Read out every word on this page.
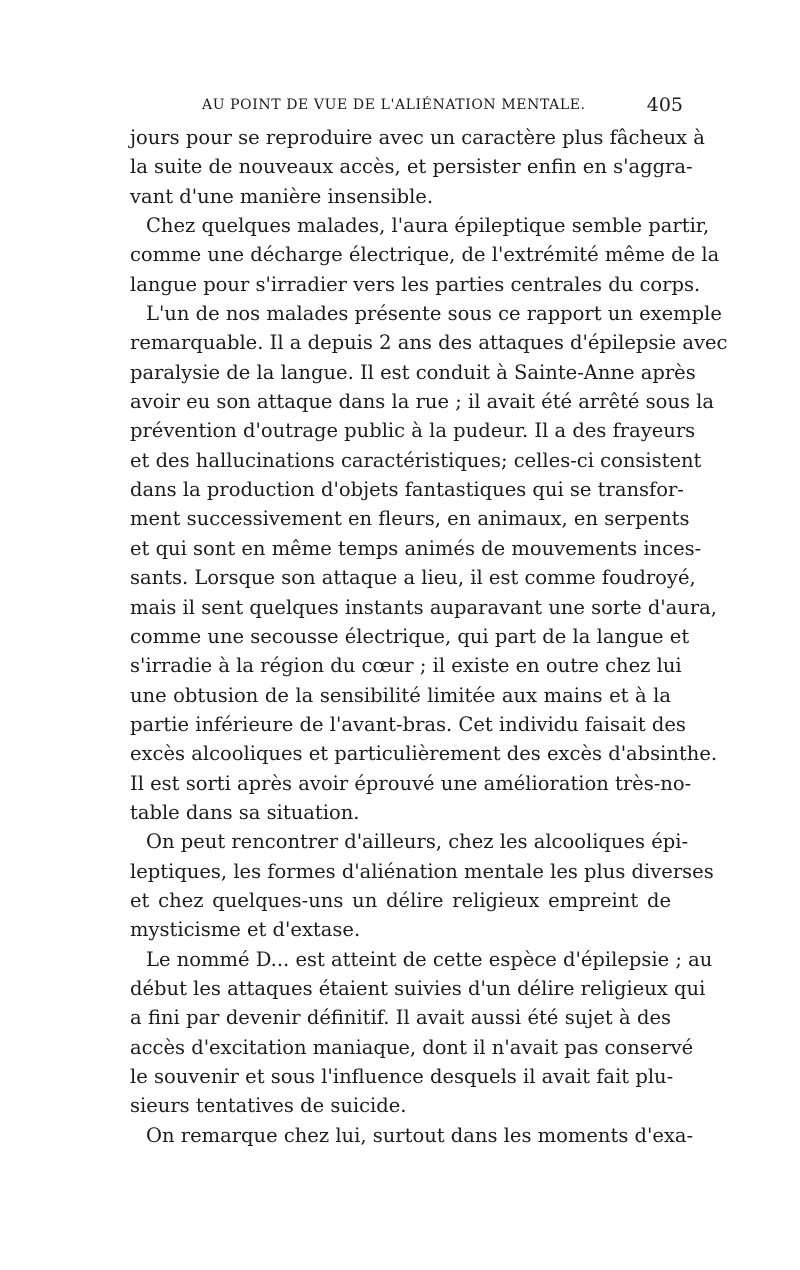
AU POINT DE VUE DE L'ALIÉNATION MENTALE.	405
jours pour se reproduire avec un caractère plus fâcheux à
la suite de nouveaux accès, et persister enfin en s'aggra-
vant d'une manière insensible.
Chez quelques malades, l'aura épileptique semble partir,
comme une décharge électrique, de l'extrémité même de la
langue pour s'irradier vers les parties centrales du corps.
L'un de nos malades présente sous ce rapport un exemple
remarquable. Il a depuis 2 ans des attaques d'épilepsie avec
paralysie de la langue. Il est conduit à Sainte-Anne après
avoir eu son attaque dans la rue ; il avait été arrêté sous la
prévention d'outrage public à la pudeur. Il a des frayeurs
et des hallucinations caractéristiques; celles-ci consistent
dans la production d'objets fantastiques qui se transfor-
ment successivement en fleurs, en animaux, en serpents
et qui sont en même temps animés de mouvements inces-
sants. Lorsque son attaque a lieu, il est comme foudroyé,
mais il sent quelques instants auparavant une sorte d'aura,
comme une secousse électrique, qui part de la langue et
s'irradie à la région du cœur ; il existe en outre chez lui
une obtusion de la sensibilité limitée aux mains et à la
partie inférieure de l'avant-bras. Cet individu faisait des
excès alcooliques et particulièrement des excès d'absinthe.
Il est sorti après avoir éprouvé une amélioration très-no-
table dans sa situation.
On peut rencontrer d'ailleurs, chez les alcooliques épi-
leptiques, les formes d'aliénation mentale les plus diverses
et chez quelques-uns un délire religieux empreint de
mysticisme et d'extase.
Le nommé D... est atteint de cette espèce d'épilepsie ; au
début les attaques étaient suivies d'un délire religieux qui
a fini par devenir définitif. Il avait aussi été sujet à des
accès d'excitation maniaque, dont il n'avait pas conservé
le souvenir et sous l'influence desquels il avait fait plu-
sieurs tentatives de suicide.
On remarque chez lui, surtout dans les moments d'exa-
